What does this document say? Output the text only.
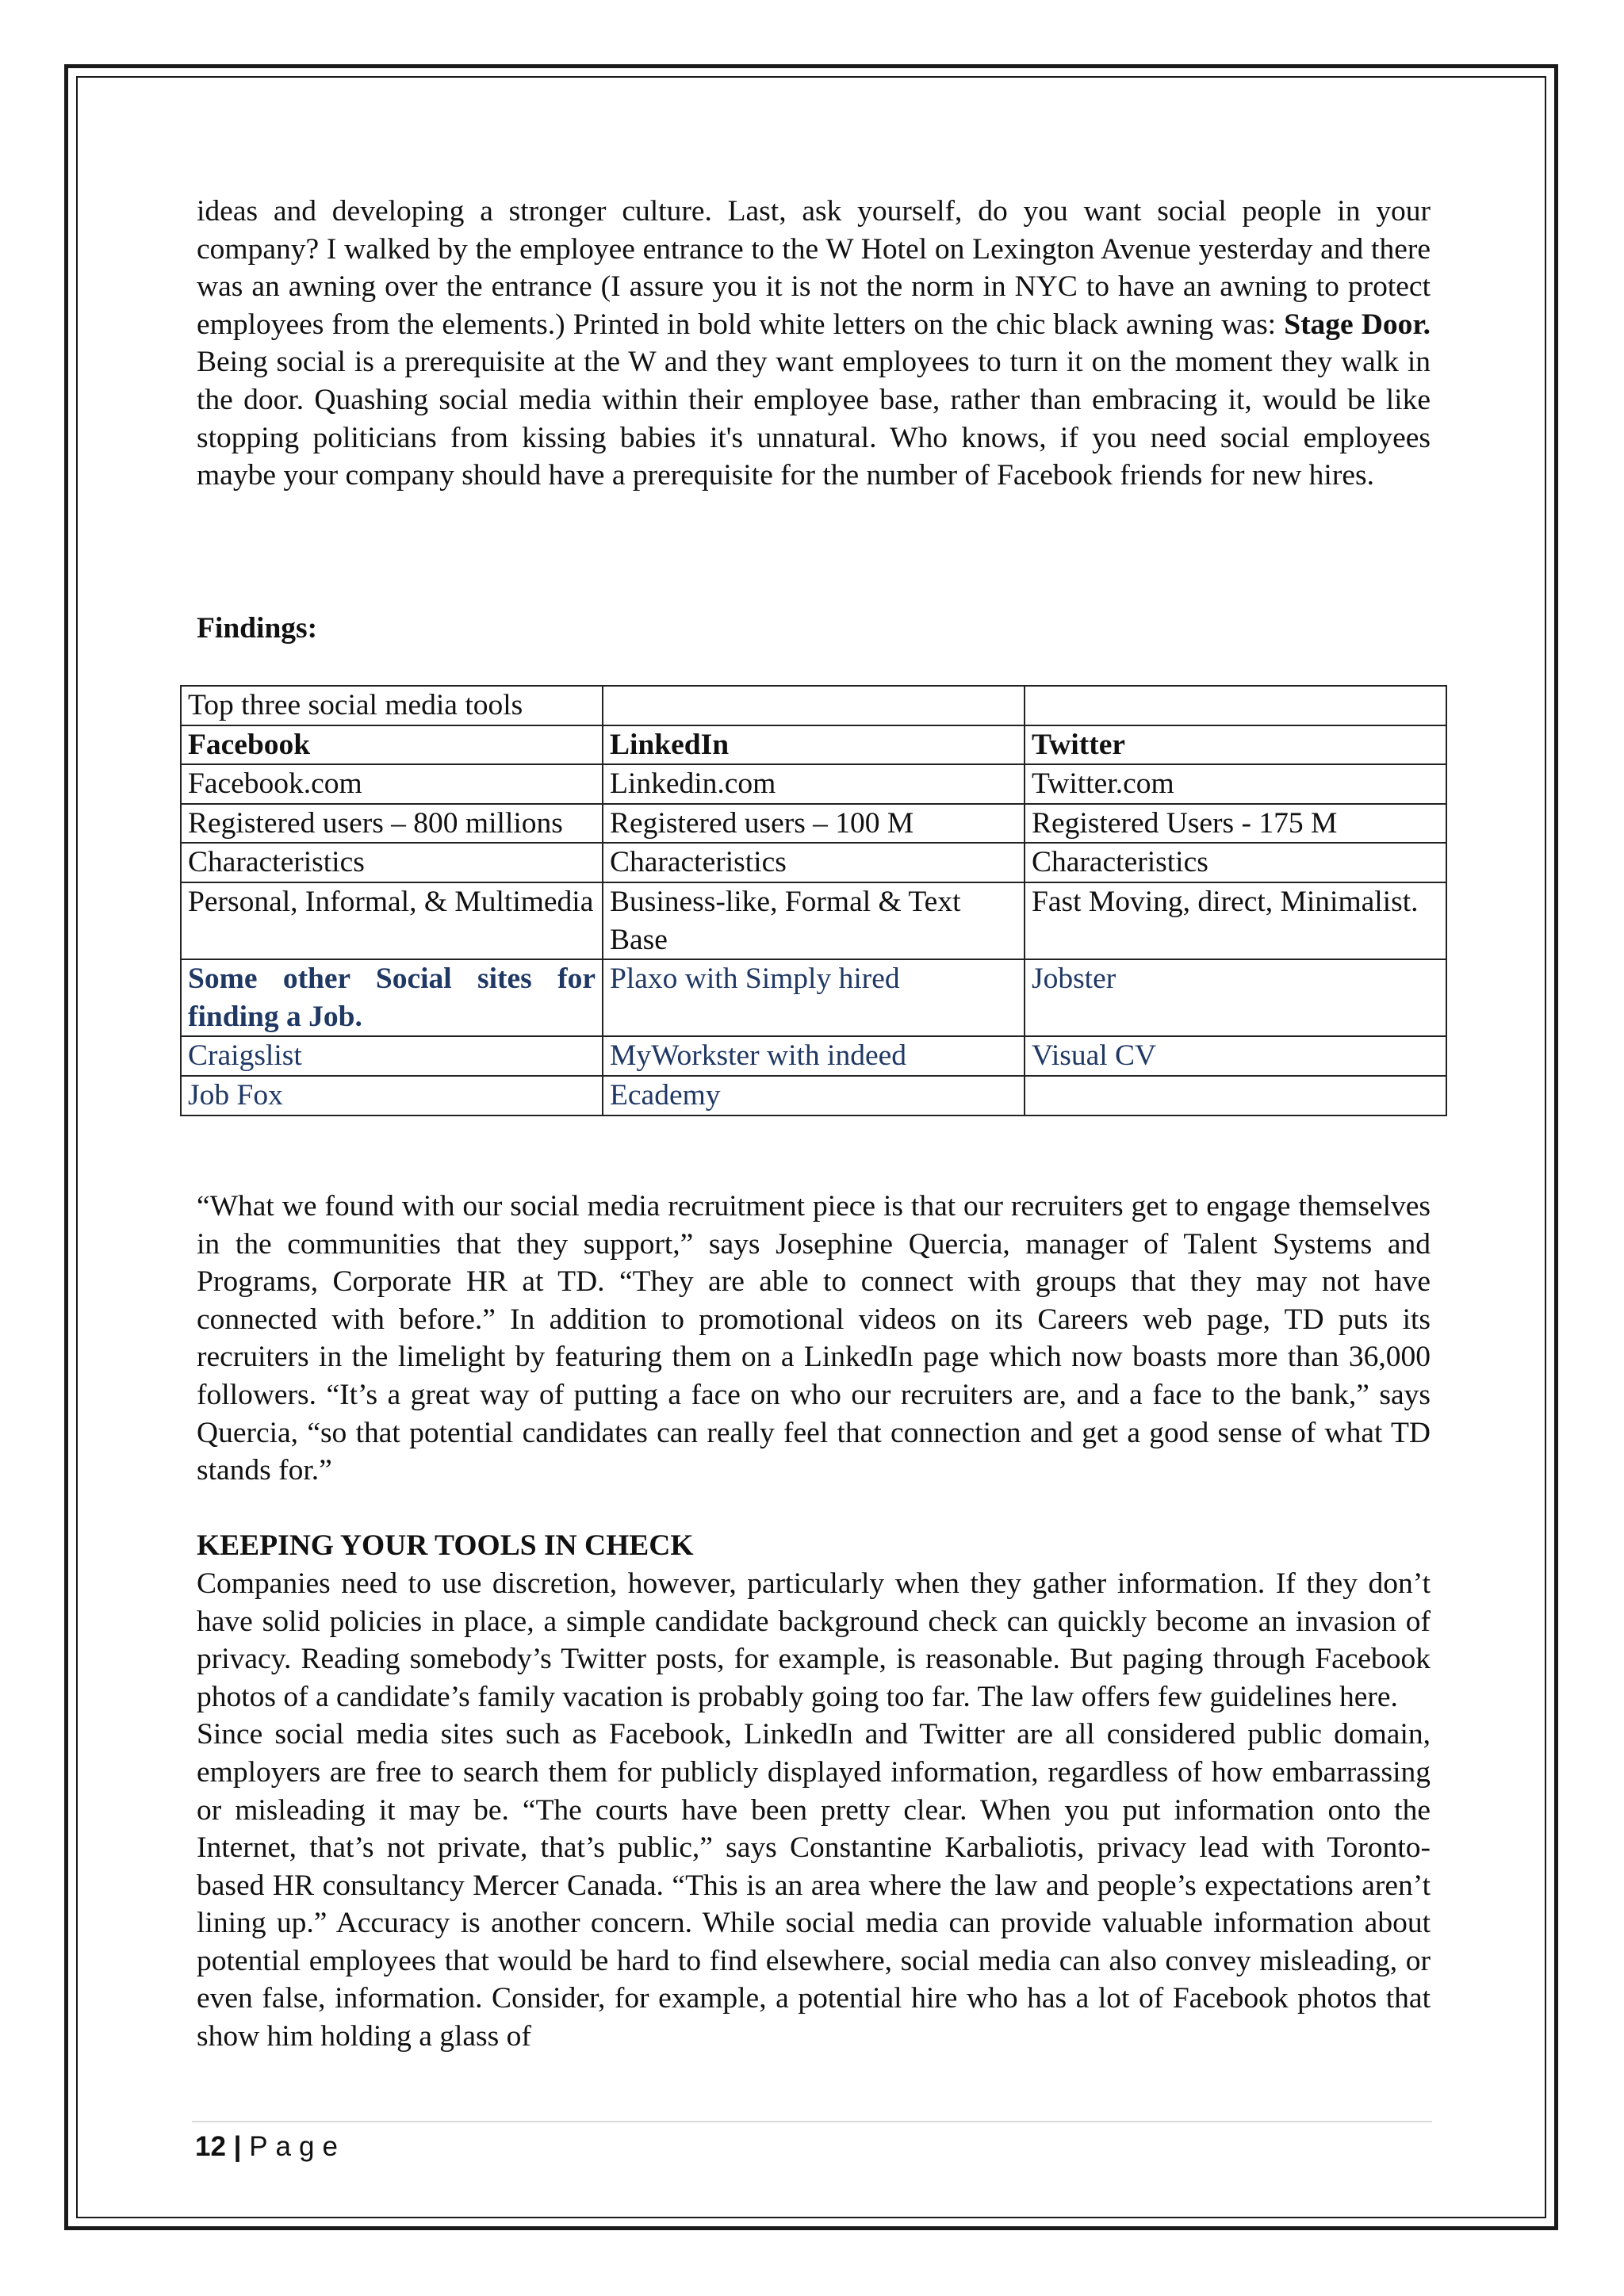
ideas and developing a stronger culture. Last, ask yourself, do you want social people in your company? I walked by the employee entrance to the W Hotel on Lexington Avenue yesterday and there was an awning over the entrance (I assure you it is not the norm in NYC to have an awning to protect employees from the elements.) Printed in bold white letters on the chic black awning was: Stage Door. Being social is a prerequisite at the W and they want employees to turn it on the moment they walk in the door. Quashing social media within their employee base, rather than embracing it, would be like stopping politicians from kissing babies it's unnatural. Who knows, if you need social employees maybe your company should have a prerequisite for the number of Facebook friends for new hires.

Findings:

Top three social media tools		
Facebook	LinkedIn	Twitter
Facebook.com	Linkedin.com	Twitter.com
Registered users – 800 millions	Registered users – 100 M	Registered Users - 175 M
Characteristics	Characteristics	Characteristics
Personal, Informal, & Multimedia	Business-like, Formal & Text Base	Fast Moving, direct, Minimalist.
Some other Social sites for finding a Job.	Plaxo with Simply hired	Jobster
Craigslist	MyWorkster with indeed	Visual CV
Job Fox	Ecademy	

“What we found with our social media recruitment piece is that our recruiters get to engage themselves in the communities that they support,” says Josephine Quercia, manager of Talent Systems and Programs, Corporate HR at TD. “They are able to connect with groups that they may not have connected with before.” In addition to promotional videos on its Careers web page, TD puts its recruiters in the limelight by featuring them on a LinkedIn page which now boasts more than 36,000 followers. “It’s a great way of putting a face on who our recruiters are, and a face to the bank,” says Quercia, “so that potential candidates can really feel that connection and get a good sense of what TD stands for.”

KEEPING YOUR TOOLS IN CHECK

Companies need to use discretion, however, particularly when they gather information. If they don’t have solid policies in place, a simple candidate background check can quickly become an invasion of privacy. Reading somebody’s Twitter posts, for example, is reasonable. But paging through Facebook photos of a candidate’s family vacation is probably going too far. The law offers few guidelines here.

Since social media sites such as Facebook, LinkedIn and Twitter are all considered public domain, employers are free to search them for publicly displayed information, regardless of how embarrassing or misleading it may be. “The courts have been pretty clear. When you put information onto the Internet, that’s not private, that’s public,” says Constantine Karbaliotis, privacy lead with Toronto-based HR consultancy Mercer Canada. “This is an area where the law and people’s expectations aren’t lining up.” Accuracy is another concern. While social media can provide valuable information about potential employees that would be hard to find elsewhere, social media can also convey misleading, or even false, information. Consider, for example, a potential hire who has a lot of Facebook photos that show him holding a glass of

12 | Page
